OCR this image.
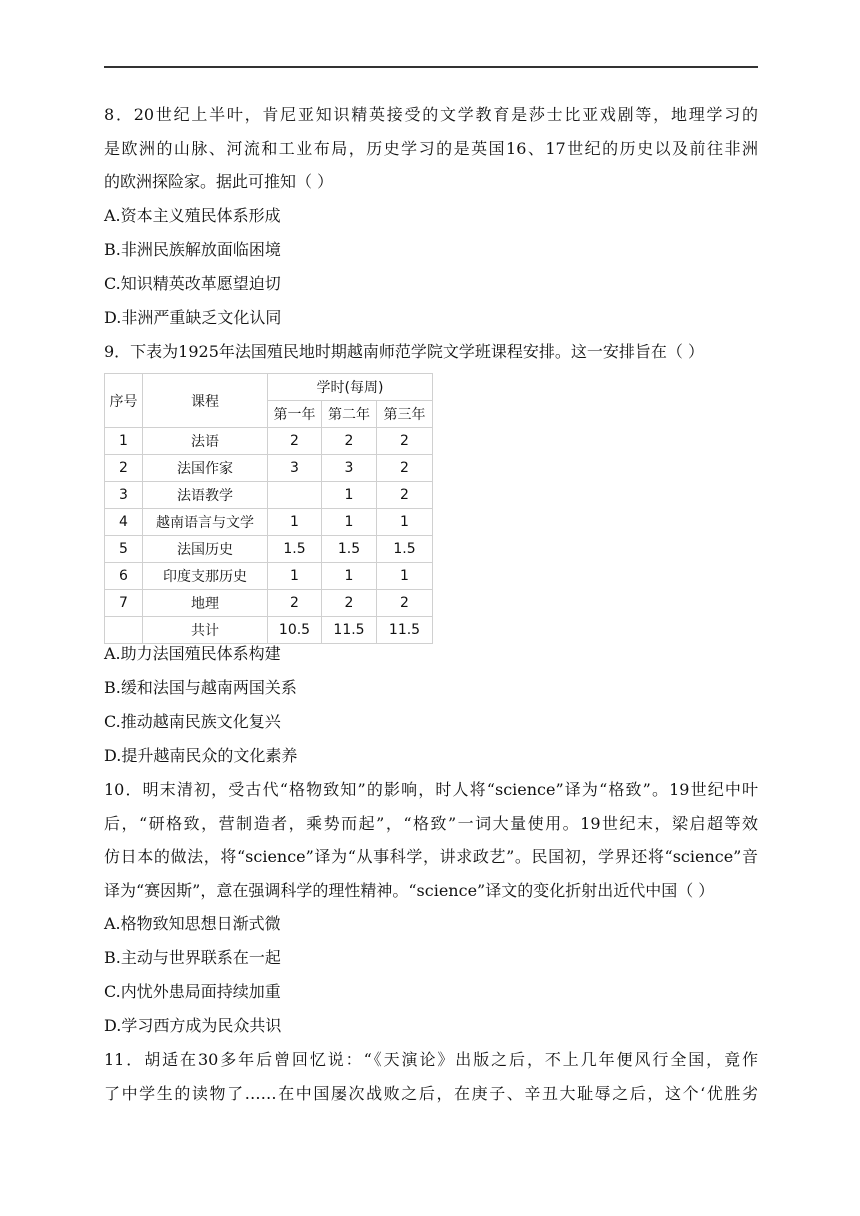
8．20世纪上半叶，肯尼亚知识精英接受的文学教育是莎士比亚戏剧等，地理学习的
是欧洲的山脉、河流和工业布局，历史学习的是英国16、17世纪的历史以及前往非洲
的欧洲探险家。据此可推知（ ）
A.资本主义殖民体系形成
B.非洲民族解放面临困境
C.知识精英改革愿望迫切
D.非洲严重缺乏文化认同
9．下表为1925年法国殖民地时期越南师范学院文学班课程安排。这一安排旨在（ ）
序号	课程	学时(每周)		
		第一年	第二年	第三年
1	法语	2	2	2
2	法国作家	3	3	2
3	法语教学		1	2
4	越南语言与文学	1	1	1
5	法国历史	1.5	1.5	1.5
6	印度支那历史	1	1	1
7	地理	2	2	2
	共计	10.5	11.5	11.5
A.助力法国殖民体系构建
B.缓和法国与越南两国关系
C.推动越南民族文化复兴
D.提升越南民众的文化素养
10．明末清初，受古代“格物致知”的影响，时人将“science”译为“格致”。19世纪中叶
后，“研格致，营制造者，乘势而起”，“格致”一词大量使用。19世纪末，梁启超等效
仿日本的做法，将“science”译为“从事科学，讲求政艺”。民国初，学界还将“science”音
译为“赛因斯”，意在强调科学的理性精神。“science”译文的变化折射出近代中国（ ）
A.格物致知思想日渐式微
B.主动与世界联系在一起
C.内忧外患局面持续加重
D.学习西方成为民众共识
11．胡适在30多年后曾回忆说：“《天演论》出版之后，不上几年便风行全国，竟作
了中学生的读物了……在中国屡次战败之后，在庚子、辛丑大耻辱之后，这个‘优胜劣
